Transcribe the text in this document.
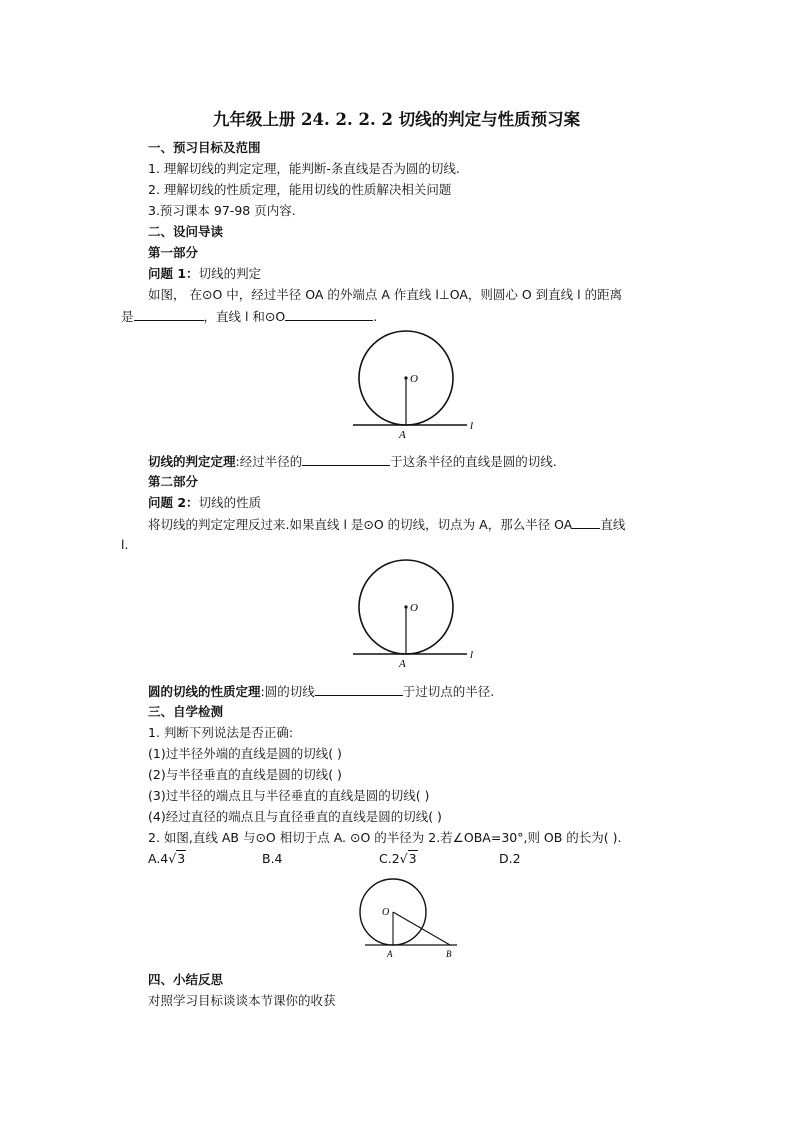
九年级上册 24. 2. 2. 2 切线的判定与性质预习案
一、预习目标及范围
1. 理解切线的判定定理，能判断-条直线是否为圆的切线.
2. 理解切线的性质定理，能用切线的性质解决相关问题
3.预习课本 97-98 页内容.
二、设问导读
第一部分
问题 1：切线的判定
如图， 在⊙O 中，经过半径 OA 的外端点 A 作直线 l⊥OA，则圆心 O 到直线 l 的距离
是	，直线 l 和⊙O	.
O
A
l
切线的判定定理:经过半径的	于这条半径的直线是圆的切线.
第二部分
问题 2：切线的性质
将切线的判定定理反过来.如果直线 l 是⊙O 的切线，切点为 A，那么半径 OA 直线
l.
O
A
l
圆的切线的性质定理:圆的切线	于过切点的半径.
三、自学检测
1. 判断下列说法是否正确:
(1)过半径外端的直线是圆的切线( )
(2)与半径垂直的直线是圆的切线( )
(3)过半径的端点且与半径垂直的直线是圆的切线( )
(4)经过直径的端点且与直径垂直的直线是圆的切线( )
2. 如图,直线 AB 与⊙O 相切于点 A. ⊙O 的半径为 2.若∠OBA=30°,则 OB 的长为( ).
A.4√3	B.4	C.2√3	D.2
O
A	B
四、小结反思
对照学习目标谈谈本节课你的收获
